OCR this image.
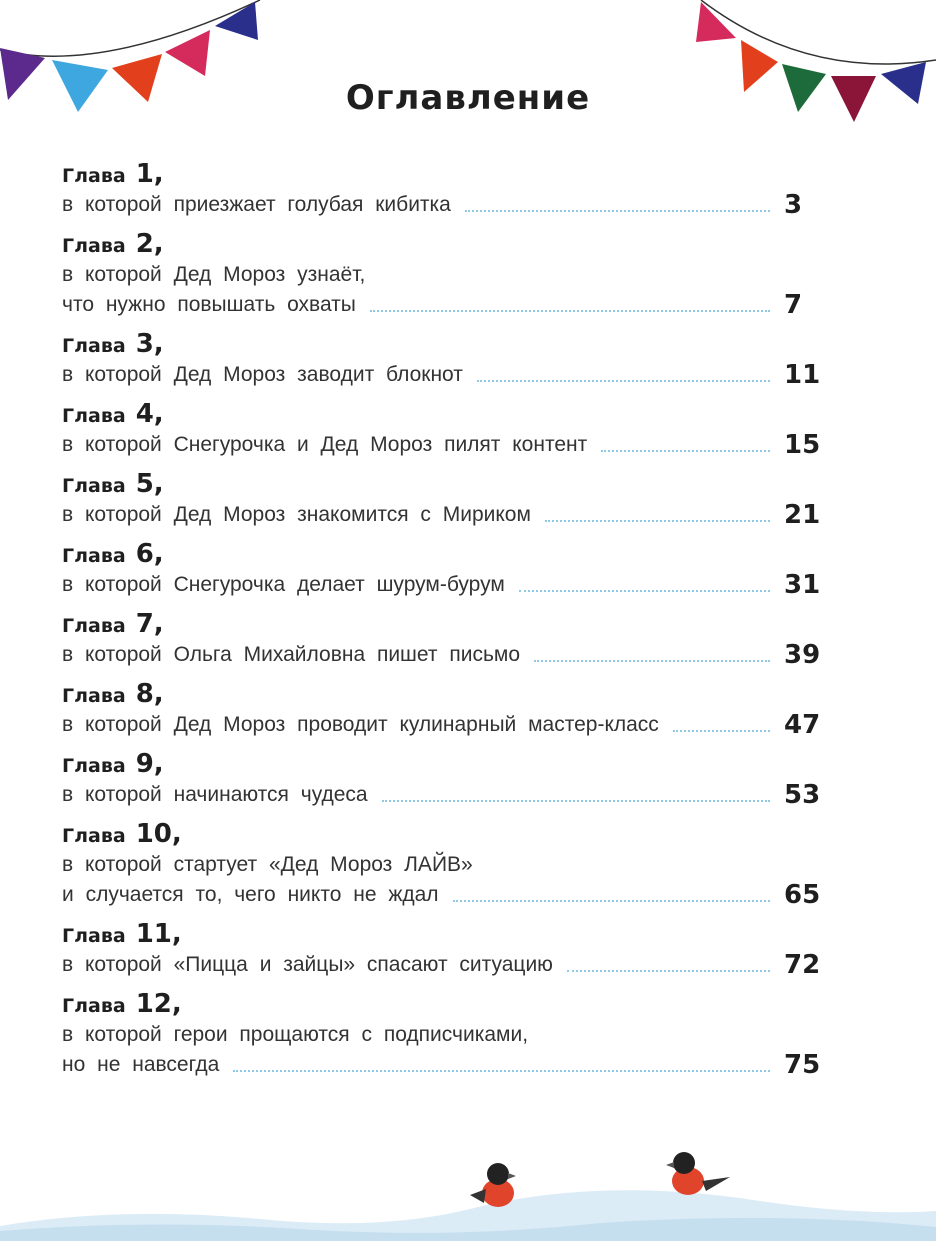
Оглавление
Глава 1,
в которой приезжает голубая кибитка	3
Глава 2,
в которой Дед Мороз узнаёт,
что нужно повышать охваты	7
Глава 3,
в которой Дед Мороз заводит блокнот	11
Глава 4,
в которой Снегурочка и Дед Мороз пилят контент	15
Глава 5,
в которой Дед Мороз знакомится с Мириком	21
Глава 6,
в которой Снегурочка делает шурум-бурум	31
Глава 7,
в которой Ольга Михайловна пишет письмо	39
Глава 8,
в которой Дед Мороз проводит кулинарный мастер-класс	47
Глава 9,
в которой начинаются чудеса	53
Глава 10,
в которой стартует «Дед Мороз ЛАЙВ»
и случается то, чего никто не ждал	65
Глава 11,
в которой «Пицца и зайцы» спасают ситуацию	72
Глава 12,
в которой герои прощаются с подписчиками,
но не навсегда	75
